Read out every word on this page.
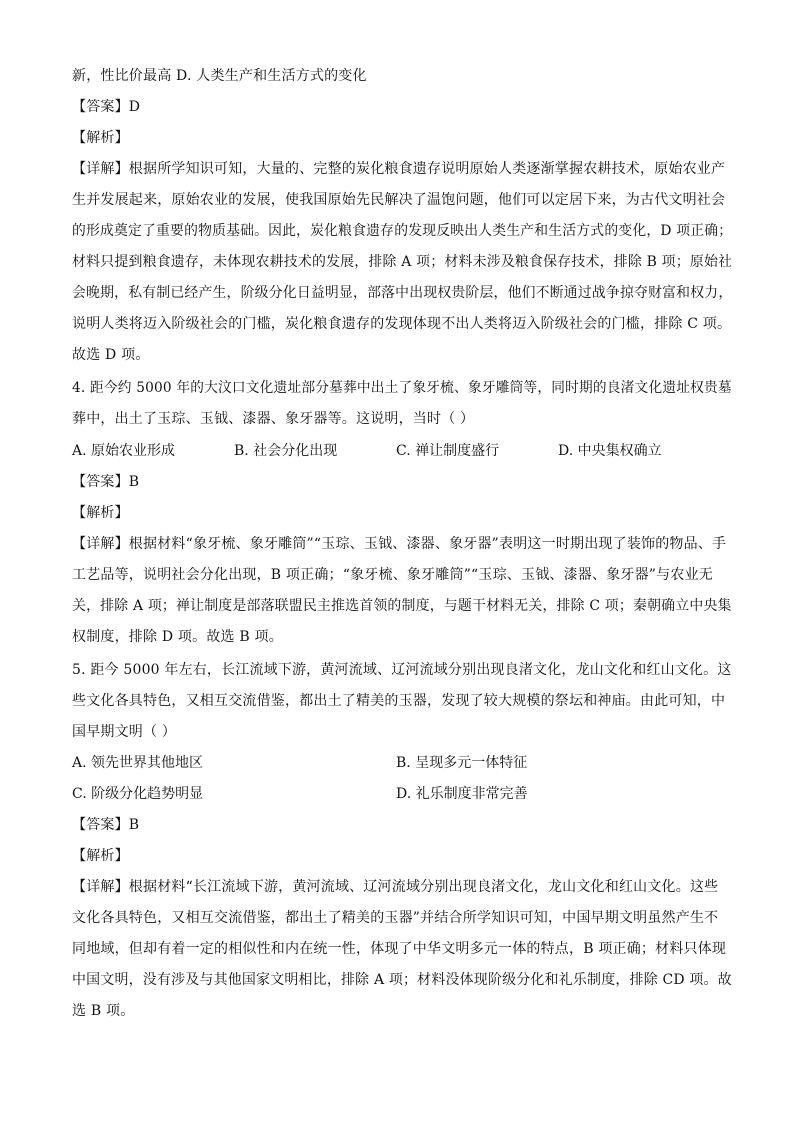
新，性比价最高 D. 人类生产和生活方式的变化
【答案】D
【解析】
【详解】根据所学知识可知，大量的、完整的炭化粮食遗存说明原始人类逐渐掌握农耕技术，原始农业产
生并发展起来，原始农业的发展，使我国原始先民解决了温饱问题，他们可以定居下来，为古代文明社会
的形成奠定了重要的物质基础。因此，炭化粮食遗存的发现反映出人类生产和生活方式的变化，D 项正确；
材料只提到粮食遗存，未体现农耕技术的发展，排除 A 项；材料未涉及粮食保存技术，排除 B 项；原始社
会晚期，私有制已经产生，阶级分化日益明显，部落中出现权贵阶层，他们不断通过战争掠夺财富和权力，
说明人类将迈入阶级社会的门槛，炭化粮食遗存的发现体现不出人类将迈入阶级社会的门槛，排除 C 项。
故选 D 项。
4. 距今约 5000 年的大汶口文化遗址部分墓葬中出土了象牙梳、象牙雕筒等，同时期的良渚文化遗址权贵墓
葬中，出土了玉琮、玉钺、漆器、象牙器等。这说明，当时（ ）
A. 原始农业形成	B. 社会分化出现	C. 禅让制度盛行	D. 中央集权确立
【答案】B
【解析】
【详解】根据材料“象牙梳、象牙雕筒”“玉琮、玉钺、漆器、象牙器”表明这一时期出现了装饰的物品、手
工艺品等，说明社会分化出现，B 项正确；“象牙梳、象牙雕筒”“玉琮、玉钺、漆器、象牙器”与农业无
关，排除 A 项；禅让制度是部落联盟民主推选首领的制度，与题干材料无关，排除 C 项；秦朝确立中央集
权制度，排除 D 项。故选 B 项。
5. 距今 5000 年左右，长江流域下游，黄河流域、辽河流域分别出现良渚文化，龙山文化和红山文化。这
些文化各具特色，又相互交流借鉴，都出土了精美的玉器，发现了较大规模的祭坛和神庙。由此可知，中
国早期文明（ ）
A. 领先世界其他地区	B. 呈现多元一体特征
C. 阶级分化趋势明显	D. 礼乐制度非常完善
【答案】B
【解析】
【详解】根据材料“长江流域下游，黄河流域、辽河流域分别出现良渚文化，龙山文化和红山文化。这些
文化各具特色，又相互交流借鉴，都出土了精美的玉器”并结合所学知识可知，中国早期文明虽然产生不
同地域，但却有着一定的相似性和内在统一性，体现了中华文明多元一体的特点，B 项正确；材料只体现
中国文明，没有涉及与其他国家文明相比，排除 A 项；材料没体现阶级分化和礼乐制度，排除 CD 项。故
选 B 项。
